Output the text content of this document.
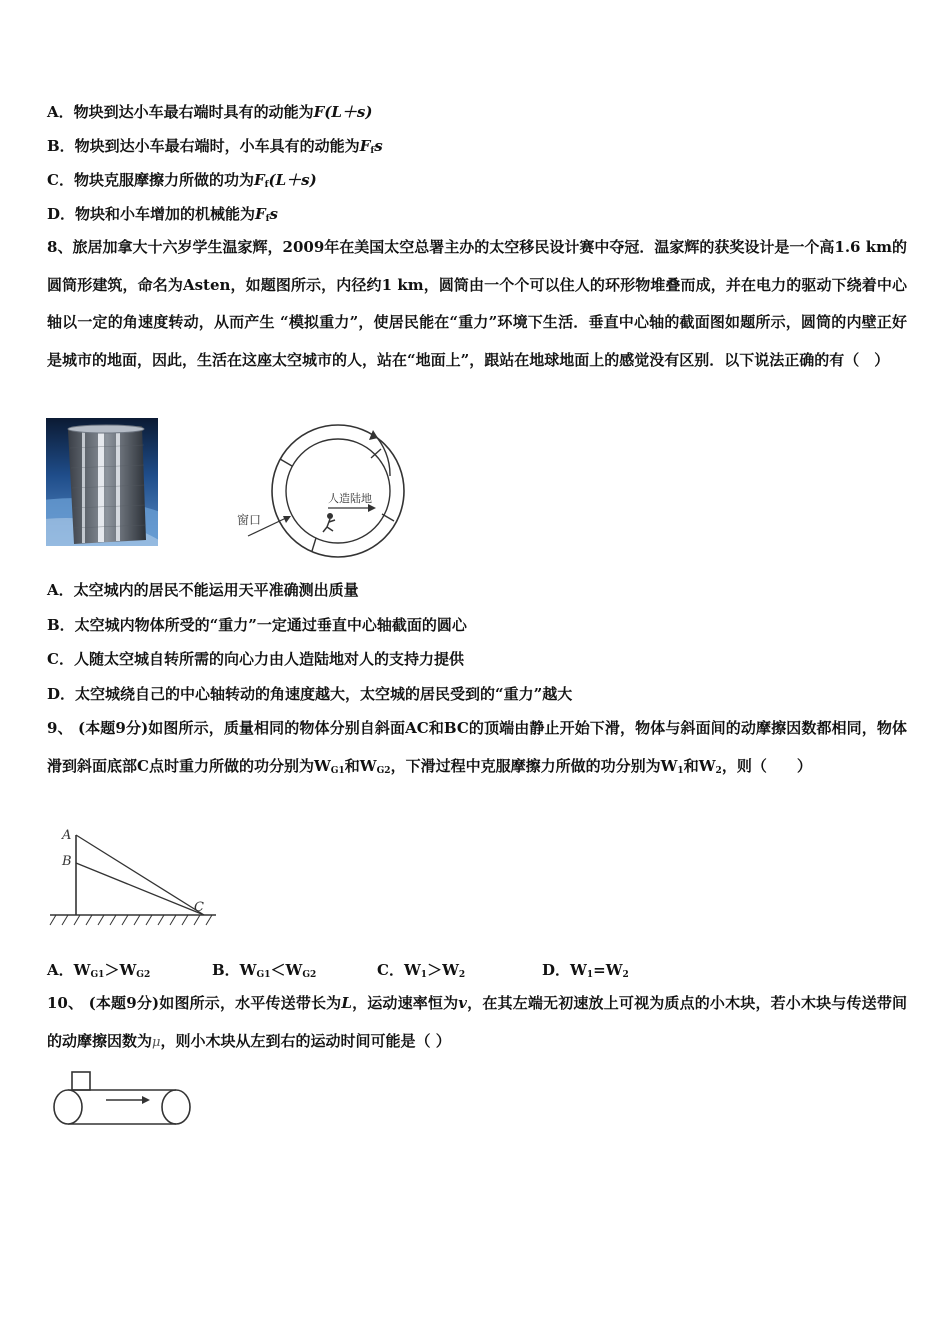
A．物块到达小车最右端时具有的动能为F(L＋s)
B．物块到达小车最右端时，小车具有的动能为$F_fs$
C．物块克服摩擦力所做的功为$F_f(L+s)$
D．物块和小车增加的机械能为$F_fs$
8、旅居加拿大十六岁学生温家辉，2009年在美国太空总署主办的太空移民设计赛中夺冠．温家辉的获奖设计是一个高1.6 km的圆筒形建筑，命名为Asten，如题图所示，内径约1 km，圆筒由一个个可以住人的环形物堆叠而成，并在电力的驱动下绕着中心轴以一定的角速度转动，从而产生 “模拟重力”，使居民能在“重力”环境下生活．垂直中心轴的截面图如题所示，圆筒的内壁正好是城市的地面，因此，生活在这座太空城市的人，站在“地面上”，跟站在地球地面上的感觉没有区别．以下说法正确的有（　）
人造陆地
窗口
A．太空城内的居民不能运用天平准确测出质量
B．太空城内物体所受的“重力”一定通过垂直中心轴截面的圆心
C．人随太空城自转所需的向心力由人造陆地对人的支持力提供
D．太空城绕自己的中心轴转动的角速度越大，太空城的居民受到的“重力”越大
9、 (本题9分)如图所示，质量相同的物体分别自斜面AC和BC的顶端由静止开始下滑，物体与斜面间的动摩擦因数都相同，物体滑到斜面底部C点时重力所做的功分别为$W_{G1}$和$W_{G2}$，下滑过程中克服摩擦力所做的功分别为$W_1$和$W_2$，则（　　）
A
B
C
A．$W_{G1}>W_{G2}$	B．$W_{G1}<W_{G2}$	C．$W_1>W_2$	D．$W_1=W_2$
10、 (本题9分)如图所示，水平传送带长为L，运动速率恒为v，在其左端无初速放上可视为质点的小木块，若小木块与传送带间的动摩擦因数为μ，则小木块从左到右的运动时间可能是（ ）
